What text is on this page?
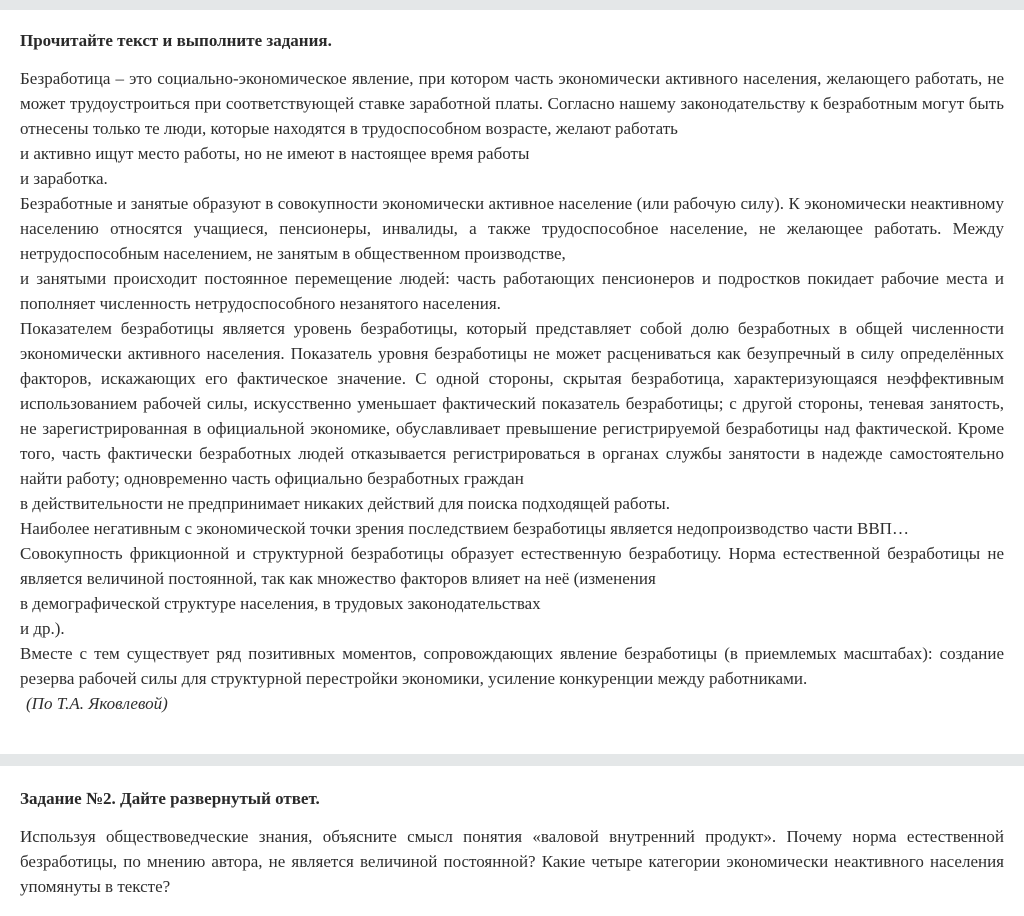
Прочитайте текст и выполните задания.

Безработица – это социально-экономическое явление, при котором часть экономически активного населения, желающего работать, не может трудоустроиться при соответствующей ставке заработной платы. Согласно нашему законодательству к безработным могут быть отнесены только те люди, которые находятся в трудоспособном возрасте, желают работать

и активно ищут место работы, но не имеют в настоящее время работы

и заработка.

Безработные и занятые образуют в совокупности экономически активное население (или рабочую силу). К экономически неактивному населению относятся учащиеся, пенсионеры, инвалиды, а также трудоспособное население, не желающее работать. Между нетрудоспособным населением, не занятым в общественном производстве,

и занятыми происходит постоянное перемещение людей: часть работающих пенсионеров и подростков покидает рабочие места и пополняет численность нетрудоспособного незанятого населения.

Показателем безработицы является уровень безработицы, который представляет собой долю безработных в общей численности экономически активного населения. Показатель уровня безработицы не может расцениваться как безупречный в силу определённых факторов, искажающих его фактическое значение. С одной стороны, скрытая безработица, характеризующаяся неэффективным использованием рабочей силы, искусственно уменьшает фактический показатель безработицы; с другой стороны, теневая занятость, не зарегистрированная в официальной экономике, обуславливает превышение регистрируемой безработицы над фактической. Кроме того, часть фактически безработных людей отказывается регистрироваться в органах службы занятости в надежде самостоятельно найти работу; одновременно часть официально безработных граждан

в действительности не предпринимает никаких действий для поиска подходящей работы.

Наиболее негативным с экономической точки зрения последствием безработицы является недопроизводство части ВВП…

Совокупность фрикционной и структурной безработицы образует естественную безработицу. Норма естественной безработицы не является величиной постоянной, так как множество факторов влияет на неё (изменения

в демографической структуре населения, в трудовых законодательствах

и др.).

Вместе с тем существует ряд позитивных моментов, сопровождающих явление безработицы (в приемлемых масштабах): создание резерва рабочей силы для структурной перестройки экономики, усиление конкуренции между работниками.

(По Т.А. Яковлевой)

Задание №2. Дайте развернутый ответ.

Используя обществоведческие знания, объясните смысл понятия «валовой внутренний продукт». Почему норма естественной безработицы, по мнению автора, не является величиной постоянной? Какие четыре категории экономически неактивного населения упомянуты в тексте?
